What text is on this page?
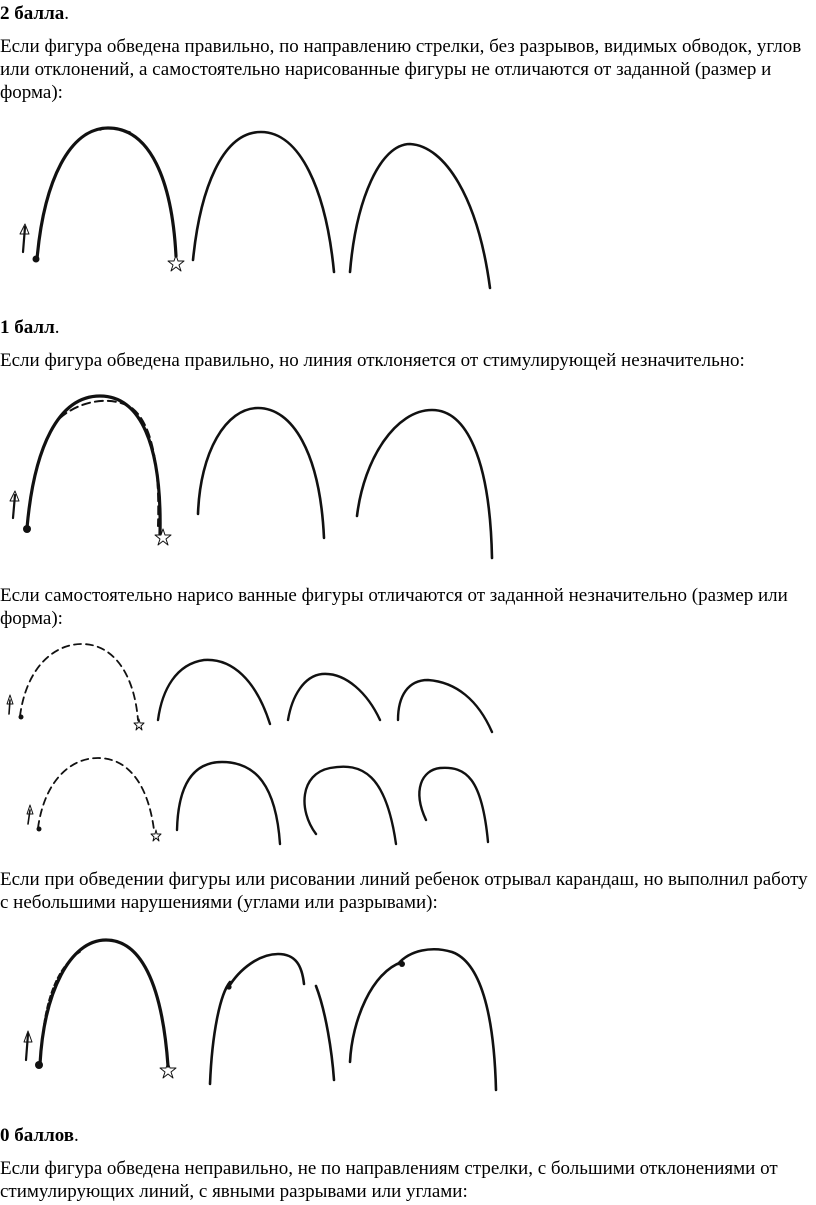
2 балла.

Если фигура обведена правильно, по направлению стрелки, без разрывов, видимых обводок, углов или отклонений, а самостоятельно нарисованные фигуры не отличаются от заданной (размер и форма):

1 балл.

Если фигура обведена правильно, но линия отклоняется от стимулирующей незначительно:

Если самостоятельно нарисо ванные фигуры отличаются от заданной незначительно (размер или форма):

Если при обведении фигуры или рисовании линий ребенок отрывал карандаш, но выполнил работу с небольшими нарушениями (углами или разрывами):

0 баллов.

Если фигура обведена неправильно, не по направлениям стрелки, с большими отклонениями от стимулирующих линий, с явными разрывами или углами:
